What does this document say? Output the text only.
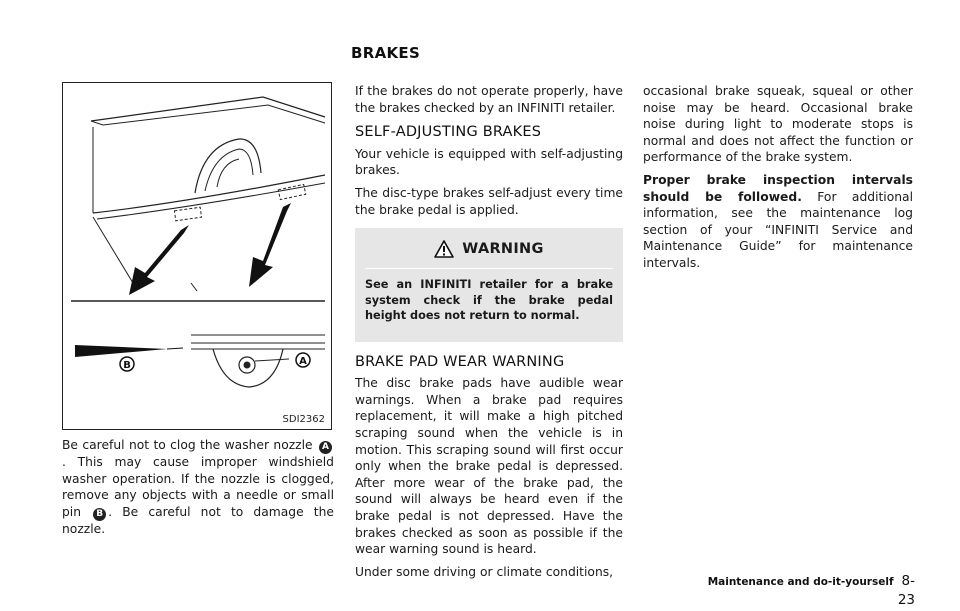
BRAKES
B	A
SDI2362

Be careful not to clog the washer nozzle A. This may cause improper windshield washer operation. If the nozzle is clogged, remove any objects with a needle or small pin B . Be careful not to damage the nozzle.

If the brakes do not operate properly, have the brakes checked by an INFINITI retailer.

SELF-ADJUSTING BRAKES

Your vehicle is equipped with self-adjusting brakes.

The disc-type brakes self-adjust every time the brake pedal is applied.

WARNING

See an INFINITI retailer for a brake system check if the brake pedal height does not return to normal.

BRAKE PAD WEAR WARNING

The disc brake pads have audible wear warnings. When a brake pad requires replacement, it will make a high pitched scraping sound when the vehicle is in motion. This scraping sound will first occur only when the brake pedal is depressed. After more wear of the brake pad, the sound will always be heard even if the brake pedal is not depressed. Have the brakes checked as soon as possible if the wear warning sound is heard.

Under some driving or climate conditions,

occasional brake squeak, squeal or other noise may be heard. Occasional brake noise during light to moderate stops is normal and does not affect the function or performance of the brake system.

Proper brake inspection intervals should be followed. For additional information, see the maintenance log section of your “INFINITI Service and Maintenance Guide” for maintenance intervals.

Maintenance and do-it-yourself 8-23
